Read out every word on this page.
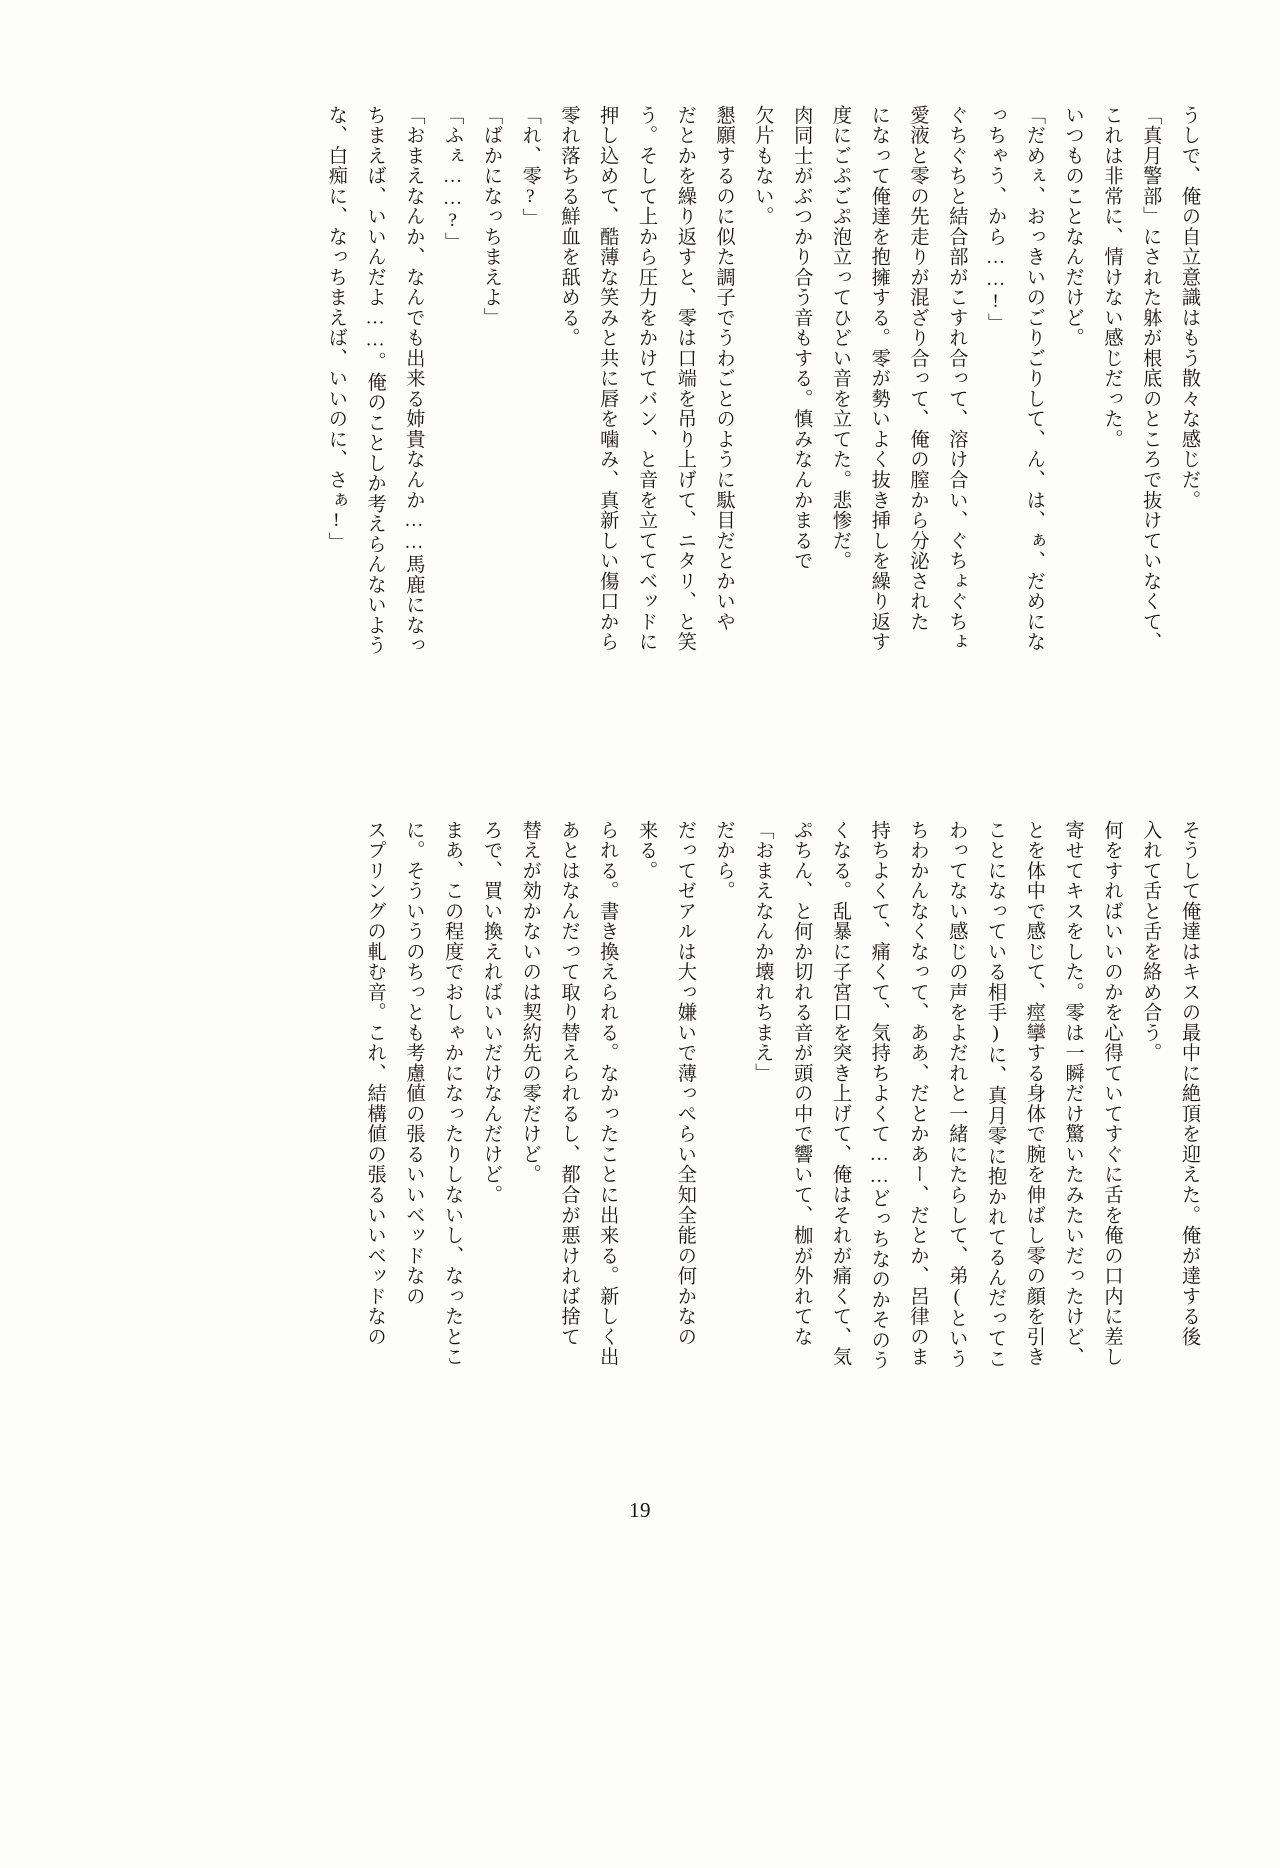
うしで、俺の自立意識はもう散々な感じだ。
「真月警部」にされた躰が根底のところで抜けていなくて、
これは非常に、情けない感じだった。
いつものことなんだけど。
「だめぇ、おっきいのごりごりして、ん、は、ぁ、だめにな
っちゃう、から……!」
ぐちぐちと結合部がこすれ合って、溶け合い、ぐちょぐちょ
愛液と零の先走りが混ざり合って、俺の膣から分泌された
になって俺達を抱擁する。零が勢いよく抜き挿しを繰り返す
度にごぷごぷ泡立ってひどい音を立てた。悲惨だ。
肉同士がぶつかり合う音もする。慎みなんかまるで
欠片もない。
懇願するのに似た調子でうわごとのように駄目だとかいや
だとかを繰り返すと、零は口端を吊り上げて、ニタリ、と笑
う。そして上から圧力をかけてバン、と音を立ててベッドに
押し込めて、酷薄な笑みと共に唇を噛み、真新しい傷口から
零れ落ちる鮮血を舐める。
「れ、零?」
「ばかになっちまえよ」
「ふぇ……?」
「おまえなんか、なんでも出来る姉貴なんか……馬鹿になっ
ちまえば、いいんだよ……。俺のことしか考えらんないよう
な、白痴に、なっちまえば、いいのに、さぁ!」
そうして俺達はキスの最中に絶頂を迎えた。俺が達する後
入れて舌と舌を絡め合う。
何をすればいいのかを心得ていてすぐに舌を俺の口内に差し
寄せてキスをした。零は一瞬だけ驚いたみたいだったけど、
とを体中で感じて、痙攣する身体で腕を伸ばし零の顔を引き
ことになっている相手)に、真月零に抱かれてるんだってこ
わってない感じの声をよだれと一緒にたらして、弟(という
ちわかんなくなって、ああ、だとかあー、だとか、呂律のま
持ちよくて、痛くて、気持ちよくて……どっちなのかそのう
くなる。乱暴に子宮口を突き上げて、俺はそれが痛くて、気
ぷちん、と何か切れる音が頭の中で響いて、枷が外れてな
「おまえなんか壊れちまえ」
だから。
だってゼアルは大っ嫌いで薄っぺらい全知全能の何かなの
来る。
られる。書き換えられる。なかったことに出来る。新しく出
あとはなんだって取り替えられるし、都合が悪ければ捨て
替えが効かないのは契約先の零だけど。
ろで、買い換えればいいだけなんだけど。
まあ、この程度でおしゃかになったりしないし、なったとこ
に。そういうのちっとも考慮値の張るいいベッドなの
スプリングの軋む音。これ、結構値の張るいいベッドなの
19
